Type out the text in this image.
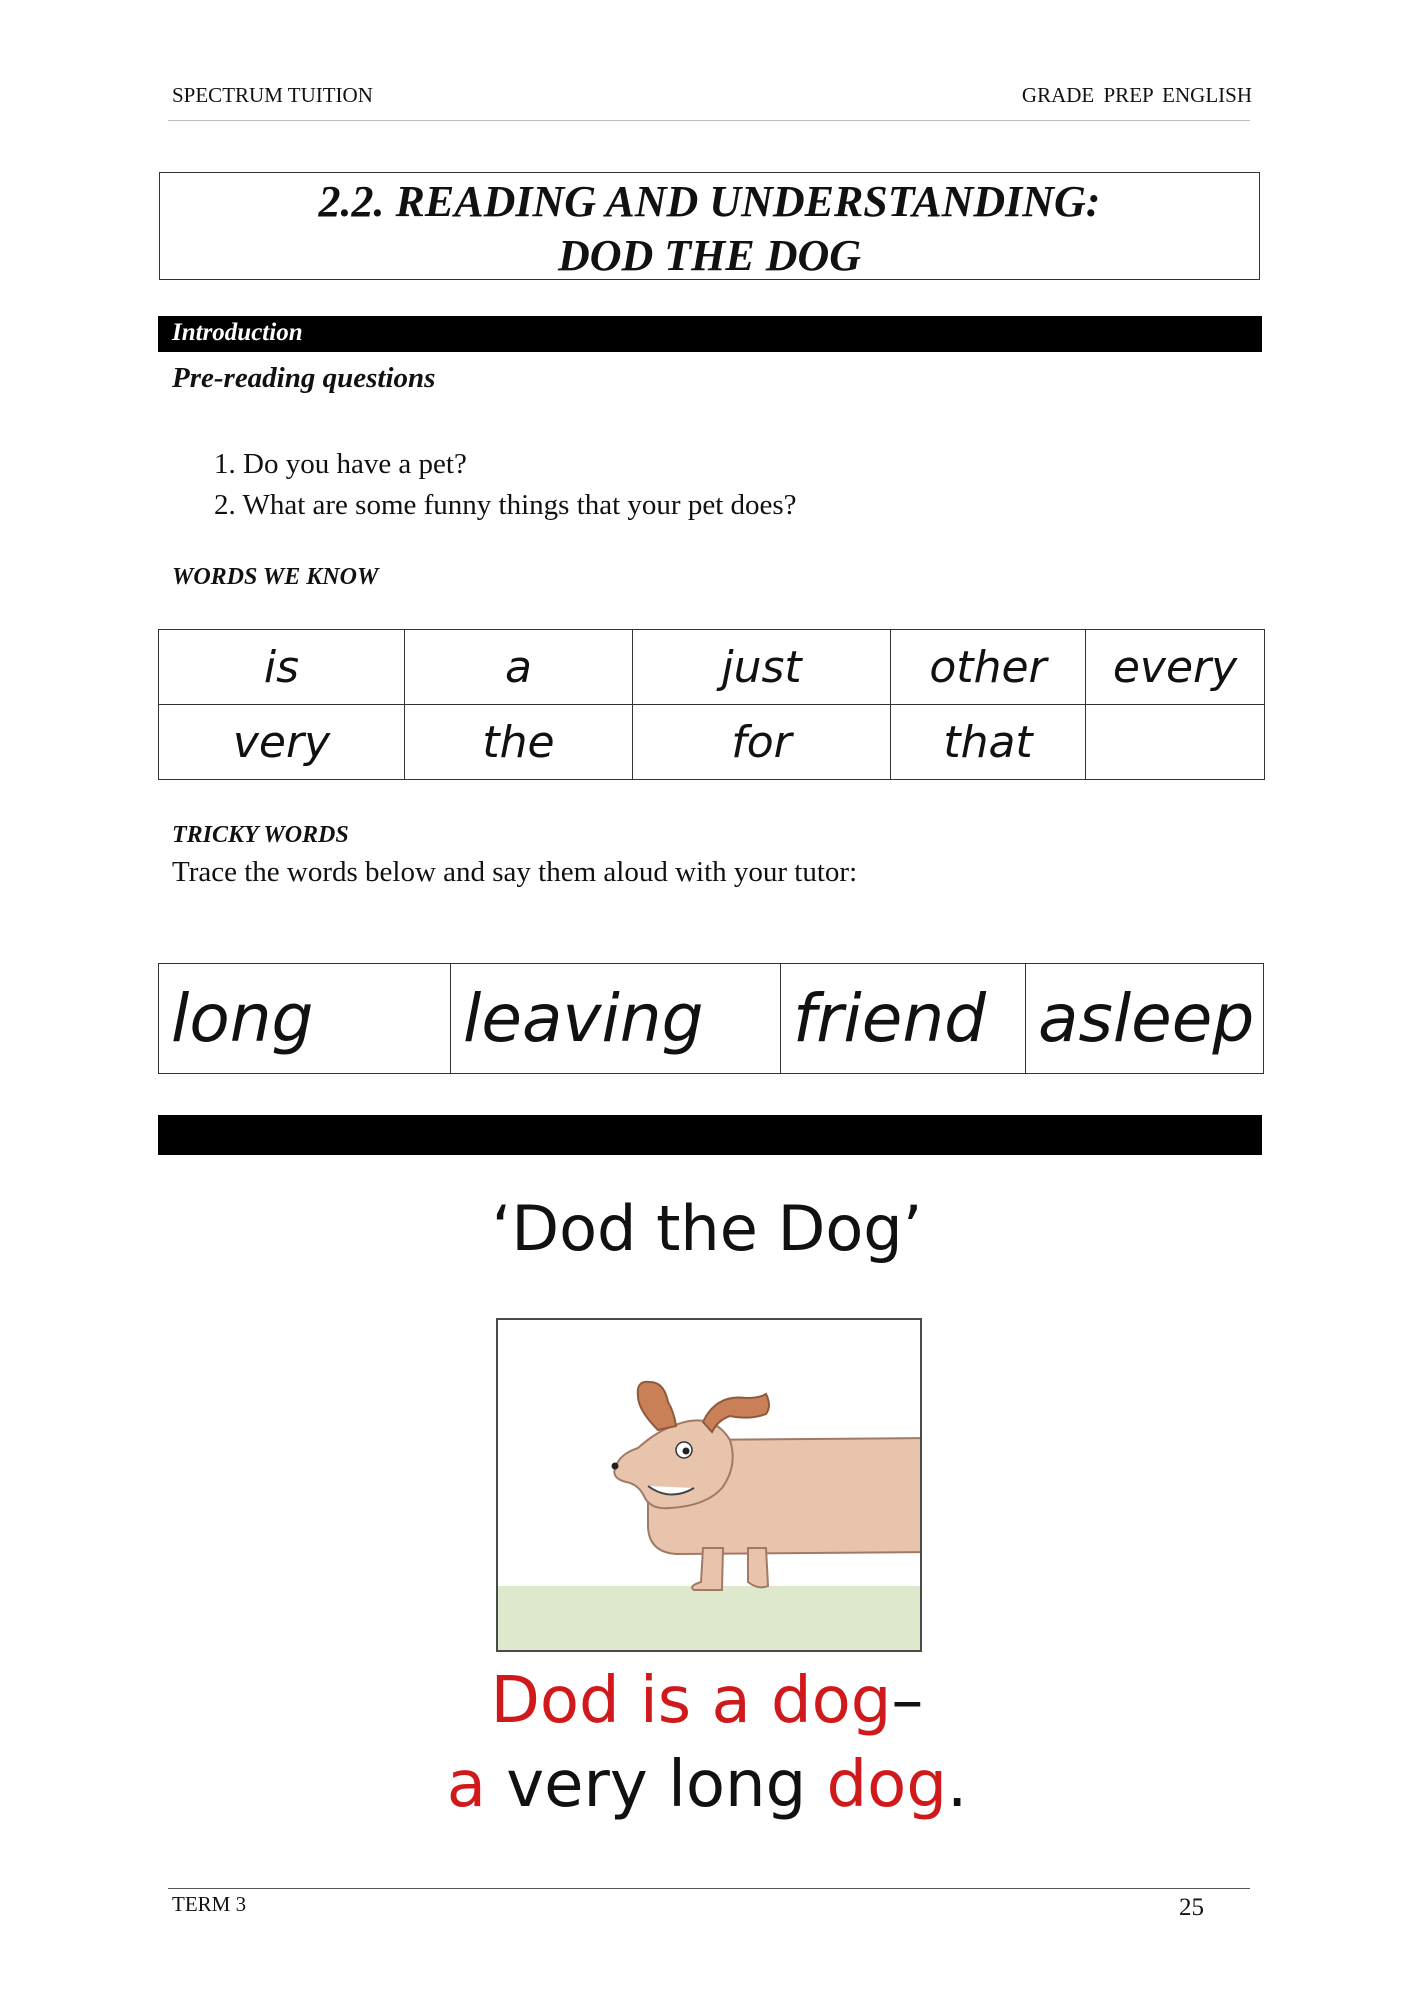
SPECTRUM TUITION	GRADE PREP ENGLISH
2.2. READING AND UNDERSTANDING:
DOD THE DOG
Introduction
Pre-reading questions
1. Do you have a pet?
2. What are some funny things that your pet does?
WORDS WE KNOW
is	a	just	other	every
very	the	for	that	
TRICKY WORDS
Trace the words below and say them aloud with your tutor:
long	leaving	friend	asleep
‘Dod the Dog’
Dod is a dog–
a very long dog.
TERM 3	25
